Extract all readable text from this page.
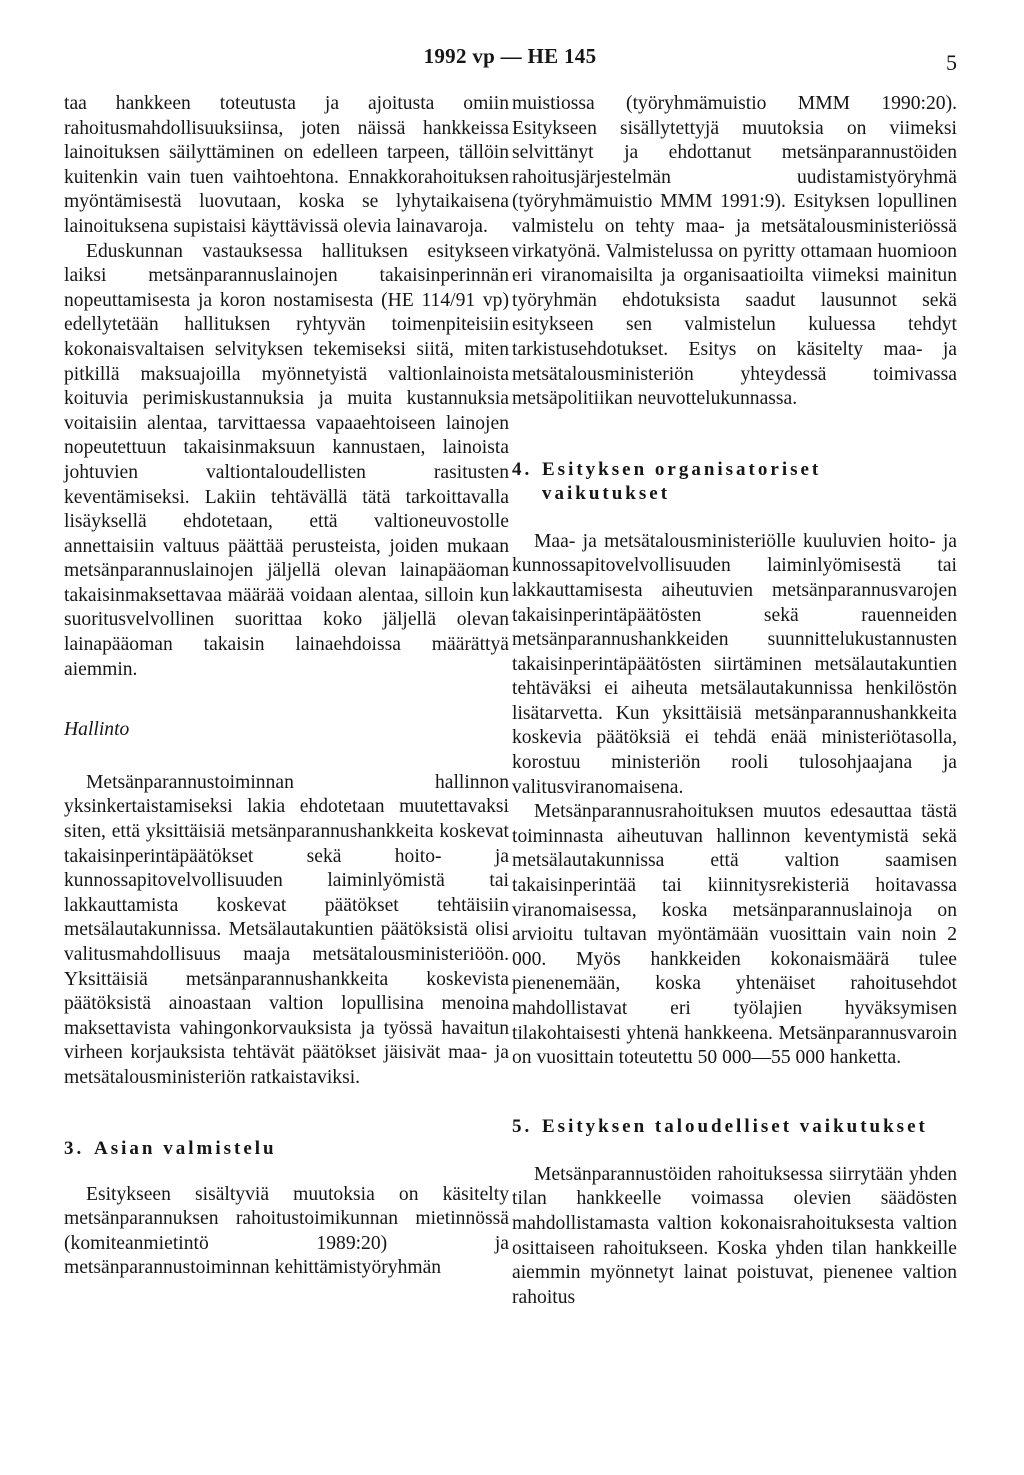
1992 vp — HE 145	5

taa hankkeen toteutusta ja ajoitusta omiin rahoitusmahdollisuuksiinsa, joten näissä hankkeissa lainoituksen säilyttäminen on edelleen tarpeen, tällöin kuitenkin vain tuen vaihtoehtona. Ennakkorahoituksen myöntämisestä luovutaan, koska se lyhytaikaisena lainoituksena supistaisi käyttävissä olevia lainavaroja.

Eduskunnan vastauksessa hallituksen esitykseen laiksi metsänparannuslainojen takaisinperinnän nopeuttamisesta ja koron nostamisesta (HE 114/91 vp) edellytetään hallituksen ryhtyvän toimenpiteisiin kokonaisvaltaisen selvityksen tekemiseksi siitä, miten pitkillä maksuajoilla myönnetyistä valtionlainoista koituvia perimiskustannuksia ja muita kustannuksia voitaisiin alentaa, tarvittaessa vapaaehtoiseen lainojen nopeutettuun takaisinmaksuun kannustaen, lainoista johtuvien valtiontaloudellisten rasitusten keventämiseksi. Lakiin tehtävällä tätä tarkoittavalla lisäyksellä ehdotetaan, että valtioneuvostolle annettaisiin valtuus päättää perusteista, joiden mukaan metsänparannuslainojen jäljellä olevan lainapääoman takaisinmaksettavaa määrää voidaan alentaa, silloin kun suoritusvelvollinen suorittaa koko jäljellä olevan lainapääoman takaisin lainaehdoissa määrättyä aiemmin.

Hallinto

Metsänparannustoiminnan hallinnon yksinkertaistamiseksi lakia ehdotetaan muutettavaksi siten, että yksittäisiä metsänparannushankkeita koskevat takaisinperintäpäätökset sekä hoito- ja kunnossapitovelvollisuuden laiminlyömistä tai lakkauttamista koskevat päätökset tehtäisiin metsälautakunnissa. Metsälautakuntien päätöksistä olisi valitusmahdollisuus maaja metsätalousministeriöön. Yksittäisiä metsänparannushankkeita koskevista päätöksistä ainoastaan valtion lopullisina menoina maksettavista vahingonkorvauksista ja työssä havaitun virheen korjauksista tehtävät päätökset jäisivät maa- ja metsätalousministeriön ratkaistaviksi.

3. Asian valmistelu

Esitykseen sisältyviä muutoksia on käsitelty metsänparannuksen rahoitustoimikunnan mietinnössä (komiteanmietintö 1989:20) ja metsänparannustoiminnan kehittämistyöryhmän

muistiossa (työryhmämuistio MMM 1990:20). Esitykseen sisällytettyjä muutoksia on viimeksi selvittänyt ja ehdottanut metsänparannustöiden rahoitusjärjestelmän uudistamistyöryhmä (työryhmämuistio MMM 1991:9). Esityksen lopullinen valmistelu on tehty maa- ja metsätalousministeriössä virkatyönä. Valmistelussa on pyritty ottamaan huomioon eri viranomaisilta ja organisaatioilta viimeksi mainitun työryhmän ehdotuksista saadut lausunnot sekä esitykseen sen valmistelun kuluessa tehdyt tarkistusehdotukset. Esitys on käsitelty maa- ja metsätalousministeriön yhteydessä toimivassa metsäpolitiikan neuvottelukunnassa.

4. Esityksen organisatoriset vaikutukset

Maa- ja metsätalousministeriölle kuuluvien hoito- ja kunnossapitovelvollisuuden laiminlyömisestä tai lakkauttamisesta aiheutuvien metsänparannusvarojen takaisinperintäpäätösten sekä rauenneiden metsänparannushankkeiden suunnittelukustannusten takaisinperintäpäätösten siirtäminen metsälautakuntien tehtäväksi ei aiheuta metsälautakunnissa henkilöstön lisätarvetta. Kun yksittäisiä metsänparannushankkeita koskevia päätöksiä ei tehdä enää ministeriötasolla, korostuu ministeriön rooli tulosohjaajana ja valitusviranomaisena.

Metsänparannusrahoituksen muutos edesauttaa tästä toiminnasta aiheutuvan hallinnon keventymistä sekä metsälautakunnissa että valtion saamisen takaisinperintää tai kiinnitysrekisteriä hoitavassa viranomaisessa, koska metsänparannuslainoja on arvioitu tultavan myöntämään vuosittain vain noin 2 000. Myös hankkeiden kokonaismäärä tulee pienenemään, koska yhtenäiset rahoitusehdot mahdollistavat eri työlajien hyväksymisen tilakohtaisesti yhtenä hankkeena. Metsänparannusvaroin on vuosittain toteutettu 50 000—55 000 hanketta.

5. Esityksen taloudelliset vaikutukset

Metsänparannustöiden rahoituksessa siirrytään yhden tilan hankkeelle voimassa olevien säädösten mahdollistamasta valtion kokonaisrahoituksesta valtion osittaiseen rahoitukseen. Koska yhden tilan hankkeille aiemmin myönnetyt lainat poistuvat, pienenee valtion rahoitus
